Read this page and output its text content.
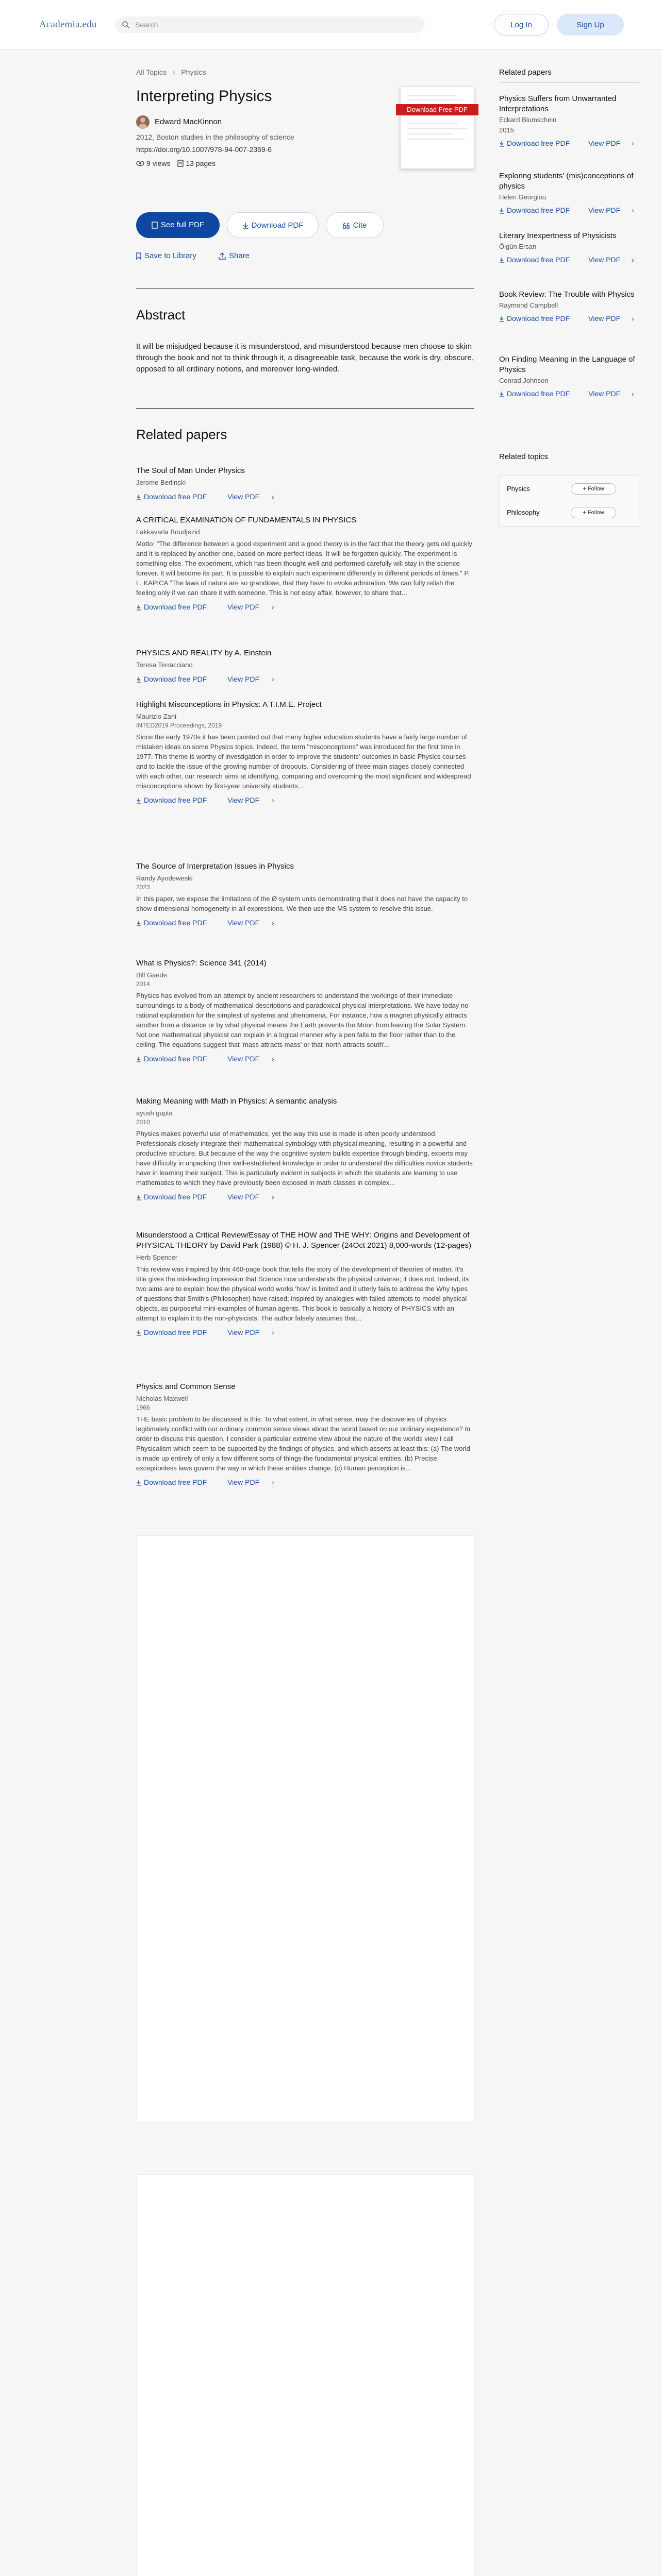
Academia.edu	Search	Log In	Sign Up
All Topics › Physics
Interpreting Physics
Edward MacKinnon
2012, Boston studies in the philosophy of science
https://doi.org/10.1007/978-94-007-2369-6
9 views 13 pages
Download Free PDF
See full PDF	Download PDF	Cite
Save to Library	Share
Abstract
It will be misjudged because it is misunderstood, and misunderstood because men choose to skim through the book and not to think through it, a disagreeable task, because the work is dry, obscure, opposed to all ordinary notions, and moreover long-winded.
Related papers
The Soul of Man Under Physics
Jerome Berlinski
Download free PDF	View PDF ›
A CRITICAL EXAMINATION OF FUNDAMENTALS IN PHYSICS
Lakkavarla Boudjezid
Motto: "The difference between a good experiment and a good theory is in the fact that the theory gets old quickly and it is replaced by another one, based on more perfect ideas. It will be forgotten quickly. The experiment is something else. The experiment, which has been thought well and performed carefully will stay in the science forever. It will become its part. It is possible to explain such experiment differently in different periods of times." P. L. KAPICA "The laws of nature are so grandiose, that they have to evoke admiration. We can fully relish the feeling only if we can share it with someone. This is not easy affair, however, to share that...
Download free PDF	View PDF ›
PHYSICS AND REALITY by A. Einstein
Teresa Terracciano
Download free PDF	View PDF ›
Highlight Misconceptions in Physics: A T.I.M.E. Project
Maurizio Zani
INTED2019 Proceedings, 2019
Since the early 1970s it has been pointed out that many higher education students have a fairly large number of mistaken ideas on some Physics topics. Indeed, the term "misconceptions" was introduced for the first time in 1977. This theme is worthy of investigation in order to improve the students' outcomes in basic Physics courses and to tackle the issue of the growing number of dropouts. Considering of three main stages closely connected with each other, our research aims at identifying, comparing and overcoming the most significant and widespread misconceptions shown by first-year university students...
Download free PDF	View PDF ›
The Source of Interpretation Issues in Physics
Randy Ayodeweski
2023
In this paper, we expose the limitations of the Ø system units demonstrating that it does not have the capacity to show dimensional homogeneity in all expressions. We then use the MS system to resolve this issue.
Download free PDF	View PDF ›
What is Physics?: Science 341 (2014)
Bill Gaede
2014
Physics has evolved from an attempt by ancient researchers to understand the workings of their immediate surroundings to a body of mathematical descriptions and paradoxical physical interpretations. We have today no rational explanation for the simplest of systems and phenomena. For instance, how a magnet physically attracts another from a distance or by what physical means the Earth prevents the Moon from leaving the Solar System. Not one mathematical physicist can explain in a logical manner why a pen falls to the floor rather than to the ceiling. The equations suggest that 'mass attracts mass' or that 'north attracts south'...
Download free PDF	View PDF ›
Making Meaning with Math in Physics: A semantic analysis
ayush gupta
2010
Physics makes powerful use of mathematics, yet the way this use is made is often poorly understood. Professionals closely integrate their mathematical symbology with physical meaning, resulting in a powerful and productive structure. But because of the way the cognitive system builds expertise through binding, experts may have difficulty in unpacking their well-established knowledge in order to understand the difficulties novice students have in learning their subject. This is particularly evident in subjects in which the students are learning to use mathematics to which they have previously been exposed in math classes in complex...
Download free PDF	View PDF ›
Misunderstood a Critical Review/Essay of THE HOW and THE WHY: Origins and Development of PHYSICAL THEORY by David Park (1988) © H. J. Spencer (24Oct 2021) 8,000-words (12-pages)
Herb Spencer
This review was inspired by this 460-page book that tells the story of the development of theories of matter. It's title gives the misleading impression that Science now understands the physical universe; it does not. Indeed, its two aims are to explain how the physical world works 'how' is limited and it utterly fails to address the Why types of questions that Smith's (Philosopher) have raised; inspired by analogies with failed attempts to model physical objects, as purposeful mini-examples of human agents. This book is basically a history of PHYSICS with an attempt to explain it to the non-physicists. The author falsely assumes that...
Download free PDF	View PDF ›
Physics and Common Sense
Nicholas Maxwell
1966
THE basic problem to be discussed is this: To what extent, in what sense, may the discoveries of physics legitimately conflict with our ordinary common sense views about the world based on our ordinary experience? In order to discuss this question, I consider a particular extreme view about the nature of the worlds view I call Physicalism which seem to be supported by the findings of physics, and which asserts at least this: (a) The world is made up entirely of only a few different sorts of things-the fundamental physical entities. (b) Precise, exceptionless laws govern the way in which these entities change. (c) Human perception is...
Download free PDF	View PDF ›
Related papers
Physics Suffers from Unwarranted Interpretations
Eckard Blumschein
2015
Download free PDF	View PDF ›
Exploring students' (mis)conceptions of physics
Helen Georgiou
Download free PDF	View PDF ›
Literary Inexpertness of Physicists
Ölgün Ersan
Download free PDF	View PDF ›
Book Review: The Trouble with Physics
Raymond Campbell
Download free PDF	View PDF ›
On Finding Meaning in the Language of Physics
Conrad Johnson
Download free PDF	View PDF ›
Related topics
Physics	+ Follow
Philosophy	+ Follow
